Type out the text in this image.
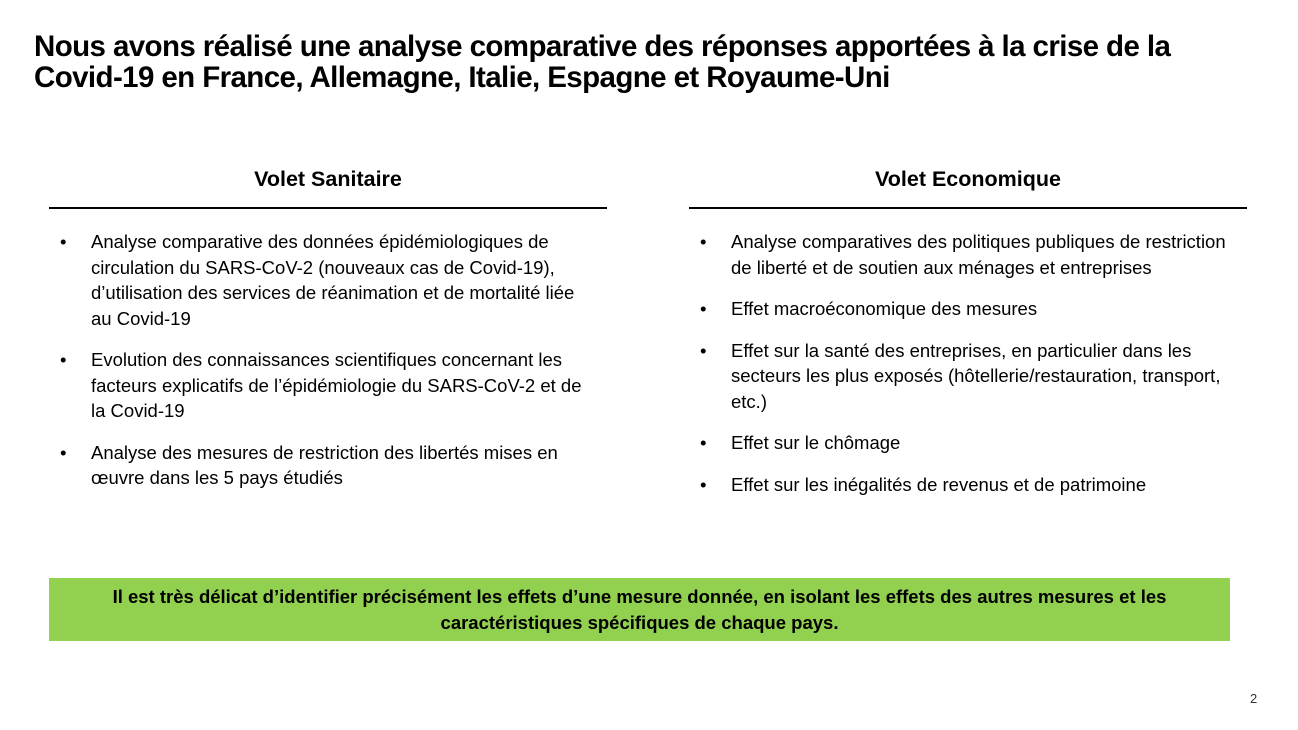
Nous avons réalisé une analyse comparative des réponses apportées à la crise de la Covid-19 en France, Allemagne, Italie, Espagne et Royaume-Uni
Volet Sanitaire
• Analyse comparative des données épidémiologiques de circulation du SARS-CoV-2 (nouveaux cas de Covid-19), d’utilisation des services de réanimation et de mortalité liée au Covid-19
• Evolution des connaissances scientifiques concernant les facteurs explicatifs de l’épidémiologie du SARS-CoV-2 et de la Covid-19
• Analyse des mesures de restriction des libertés mises en œuvre dans les 5 pays étudiés
Volet Economique
• Analyse comparatives des politiques publiques de restriction de liberté et de soutien aux ménages et entreprises
• Effet macroéconomique des mesures
• Effet sur la santé des entreprises, en particulier dans les secteurs les plus exposés (hôtellerie/restauration, transport, etc.)
• Effet sur le chômage
• Effet sur les inégalités de revenus et de patrimoine
Il est très délicat d’identifier précisément les effets d’une mesure donnée, en isolant les effets des autres mesures et les caractéristiques spécifiques de chaque pays.
2
